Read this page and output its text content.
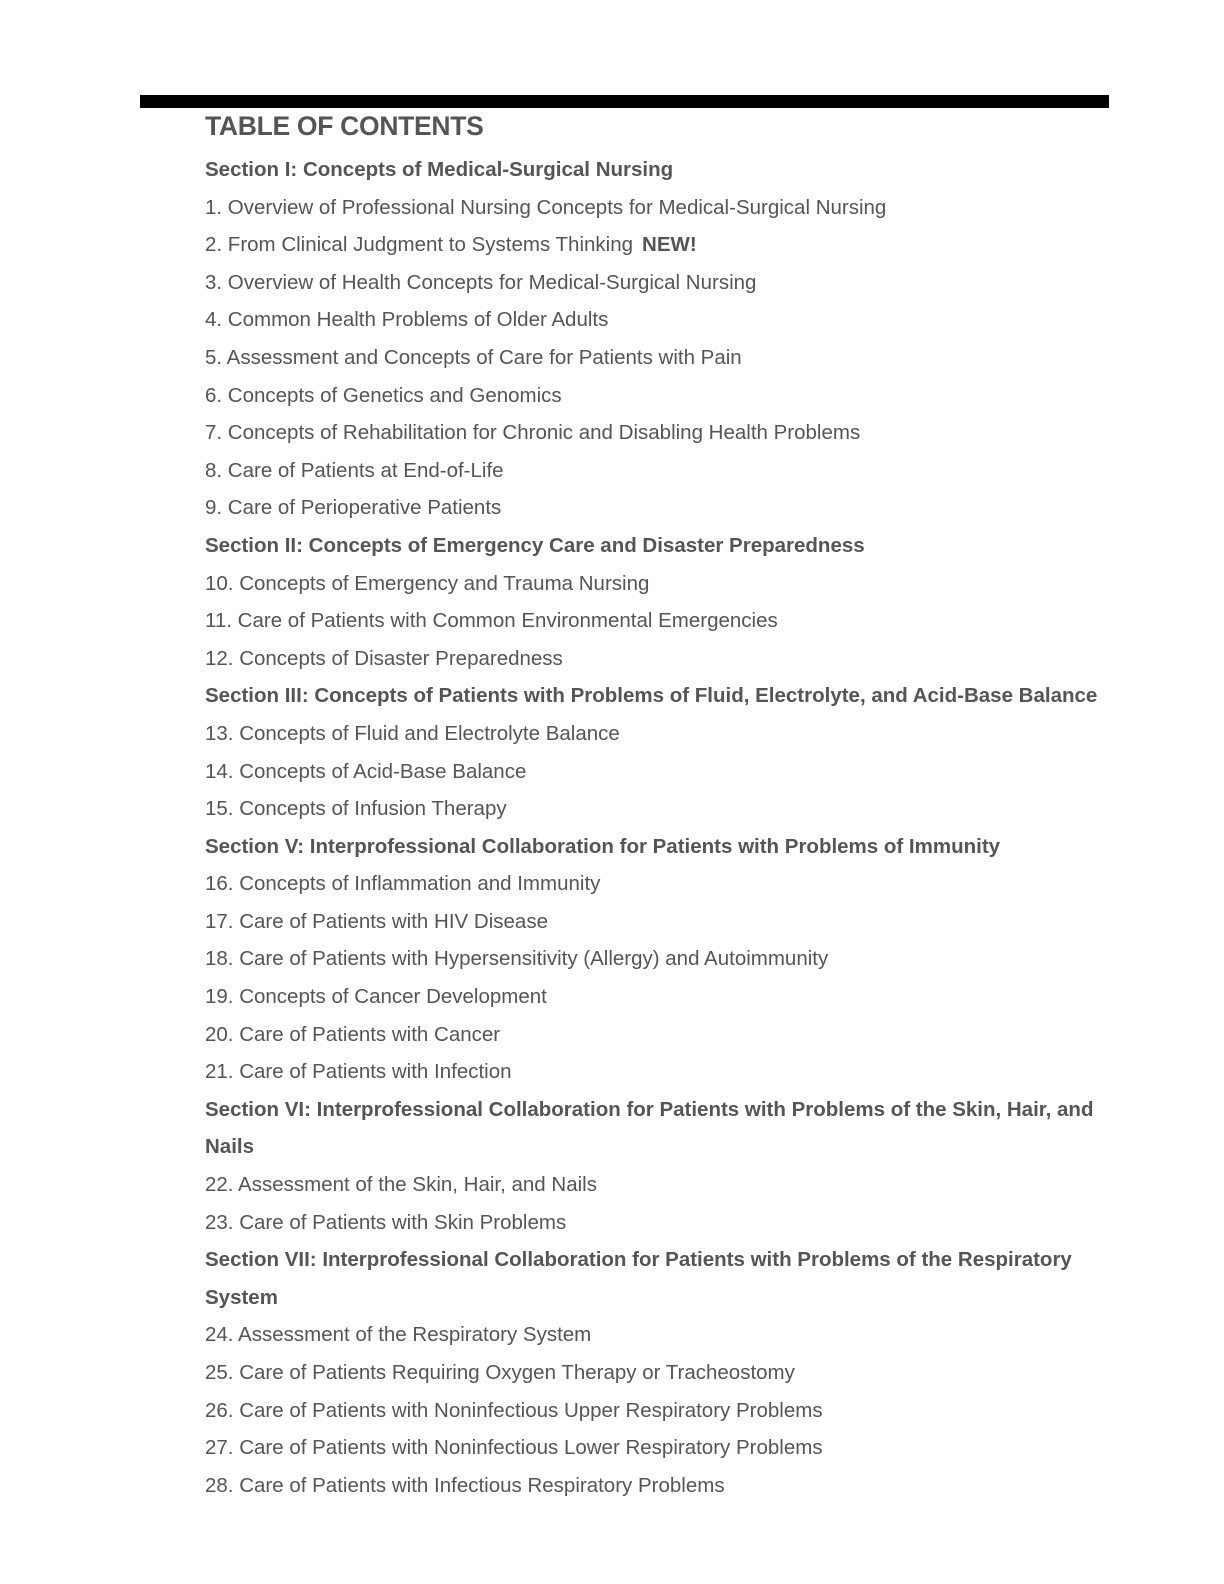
TABLE OF CONTENTS
Section I: Concepts of Medical-Surgical Nursing
1. Overview of Professional Nursing Concepts for Medical-Surgical Nursing
2. From Clinical Judgment to Systems Thinking NEW!
3. Overview of Health Concepts for Medical-Surgical Nursing
4. Common Health Problems of Older Adults
5. Assessment and Concepts of Care for Patients with Pain
6. Concepts of Genetics and Genomics
7. Concepts of Rehabilitation for Chronic and Disabling Health Problems
8. Care of Patients at End-of-Life
9. Care of Perioperative Patients
Section II: Concepts of Emergency Care and Disaster Preparedness
10. Concepts of Emergency and Trauma Nursing
11. Care of Patients with Common Environmental Emergencies
12. Concepts of Disaster Preparedness
Section III: Concepts of Patients with Problems of Fluid, Electrolyte, and Acid-Base Balance
13. Concepts of Fluid and Electrolyte Balance
14. Concepts of Acid-Base Balance
15. Concepts of Infusion Therapy
Section V: Interprofessional Collaboration for Patients with Problems of Immunity
16. Concepts of Inflammation and Immunity
17. Care of Patients with HIV Disease
18. Care of Patients with Hypersensitivity (Allergy) and Autoimmunity
19. Concepts of Cancer Development
20. Care of Patients with Cancer
21. Care of Patients with Infection
Section VI: Interprofessional Collaboration for Patients with Problems of the Skin, Hair, and Nails
22. Assessment of the Skin, Hair, and Nails
23. Care of Patients with Skin Problems
Section VII: Interprofessional Collaboration for Patients with Problems of the Respiratory System
24. Assessment of the Respiratory System
25. Care of Patients Requiring Oxygen Therapy or Tracheostomy
26. Care of Patients with Noninfectious Upper Respiratory Problems
27. Care of Patients with Noninfectious Lower Respiratory Problems
28. Care of Patients with Infectious Respiratory Problems
